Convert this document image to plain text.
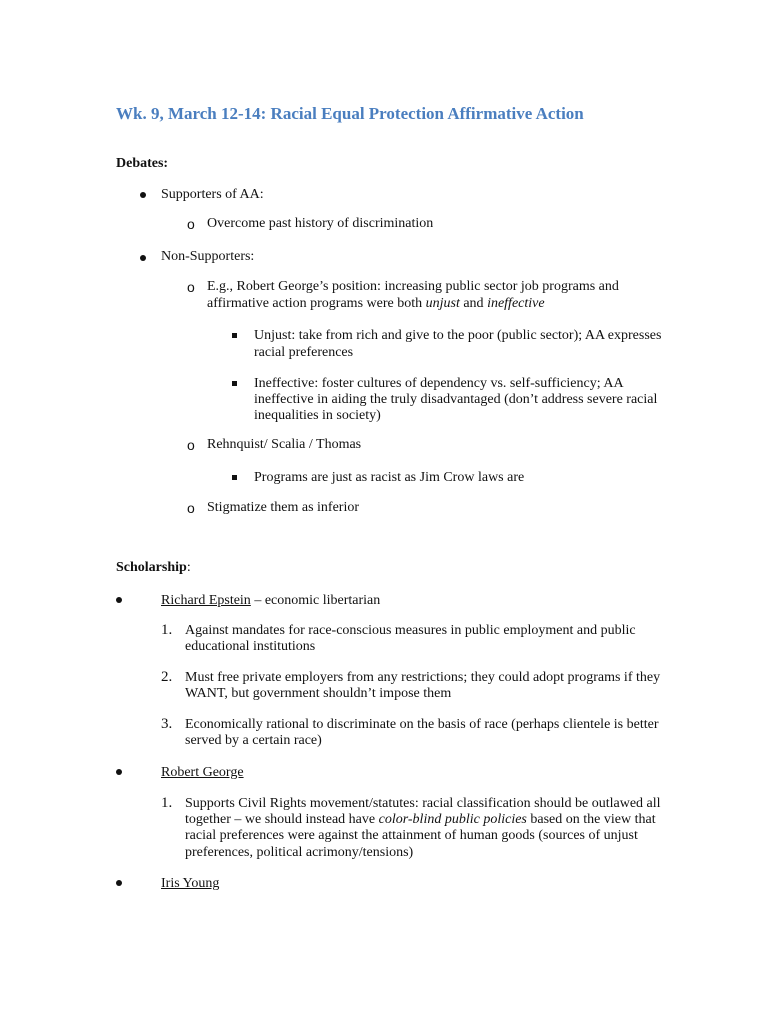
Wk. 9, March 12-14: Racial Equal Protection Affirmative Action
Debates:
Supporters of AA:
o Overcome past history of discrimination
Non-Supporters:
o E.g., Robert George’s position: increasing public sector job programs and
affirmative action programs were both unjust and ineffective
Unjust: take from rich and give to the poor (public sector); AA expresses
racial preferences
Ineffective: foster cultures of dependency vs. self-sufficiency; AA
ineffective in aiding the truly disadvantaged (don’t address severe racial
inequalities in society)
o Rehnquist/ Scalia / Thomas
Programs are just as racist as Jim Crow laws are
o Stigmatize them as inferior
Scholarship:
Richard Epstein – economic libertarian
1. Against mandates for race-conscious measures in public employment and public
educational institutions
2. Must free private employers from any restrictions; they could adopt programs if they
WANT, but government shouldn’t impose them
3. Economically rational to discriminate on the basis of race (perhaps clientele is better
served by a certain race)
Robert George
1. Supports Civil Rights movement/statutes: racial classification should be outlawed all
together – we should instead have color-blind public policies based on the view that
racial preferences were against the attainment of human goods (sources of unjust
preferences, political acrimony/tensions)
Iris Young
